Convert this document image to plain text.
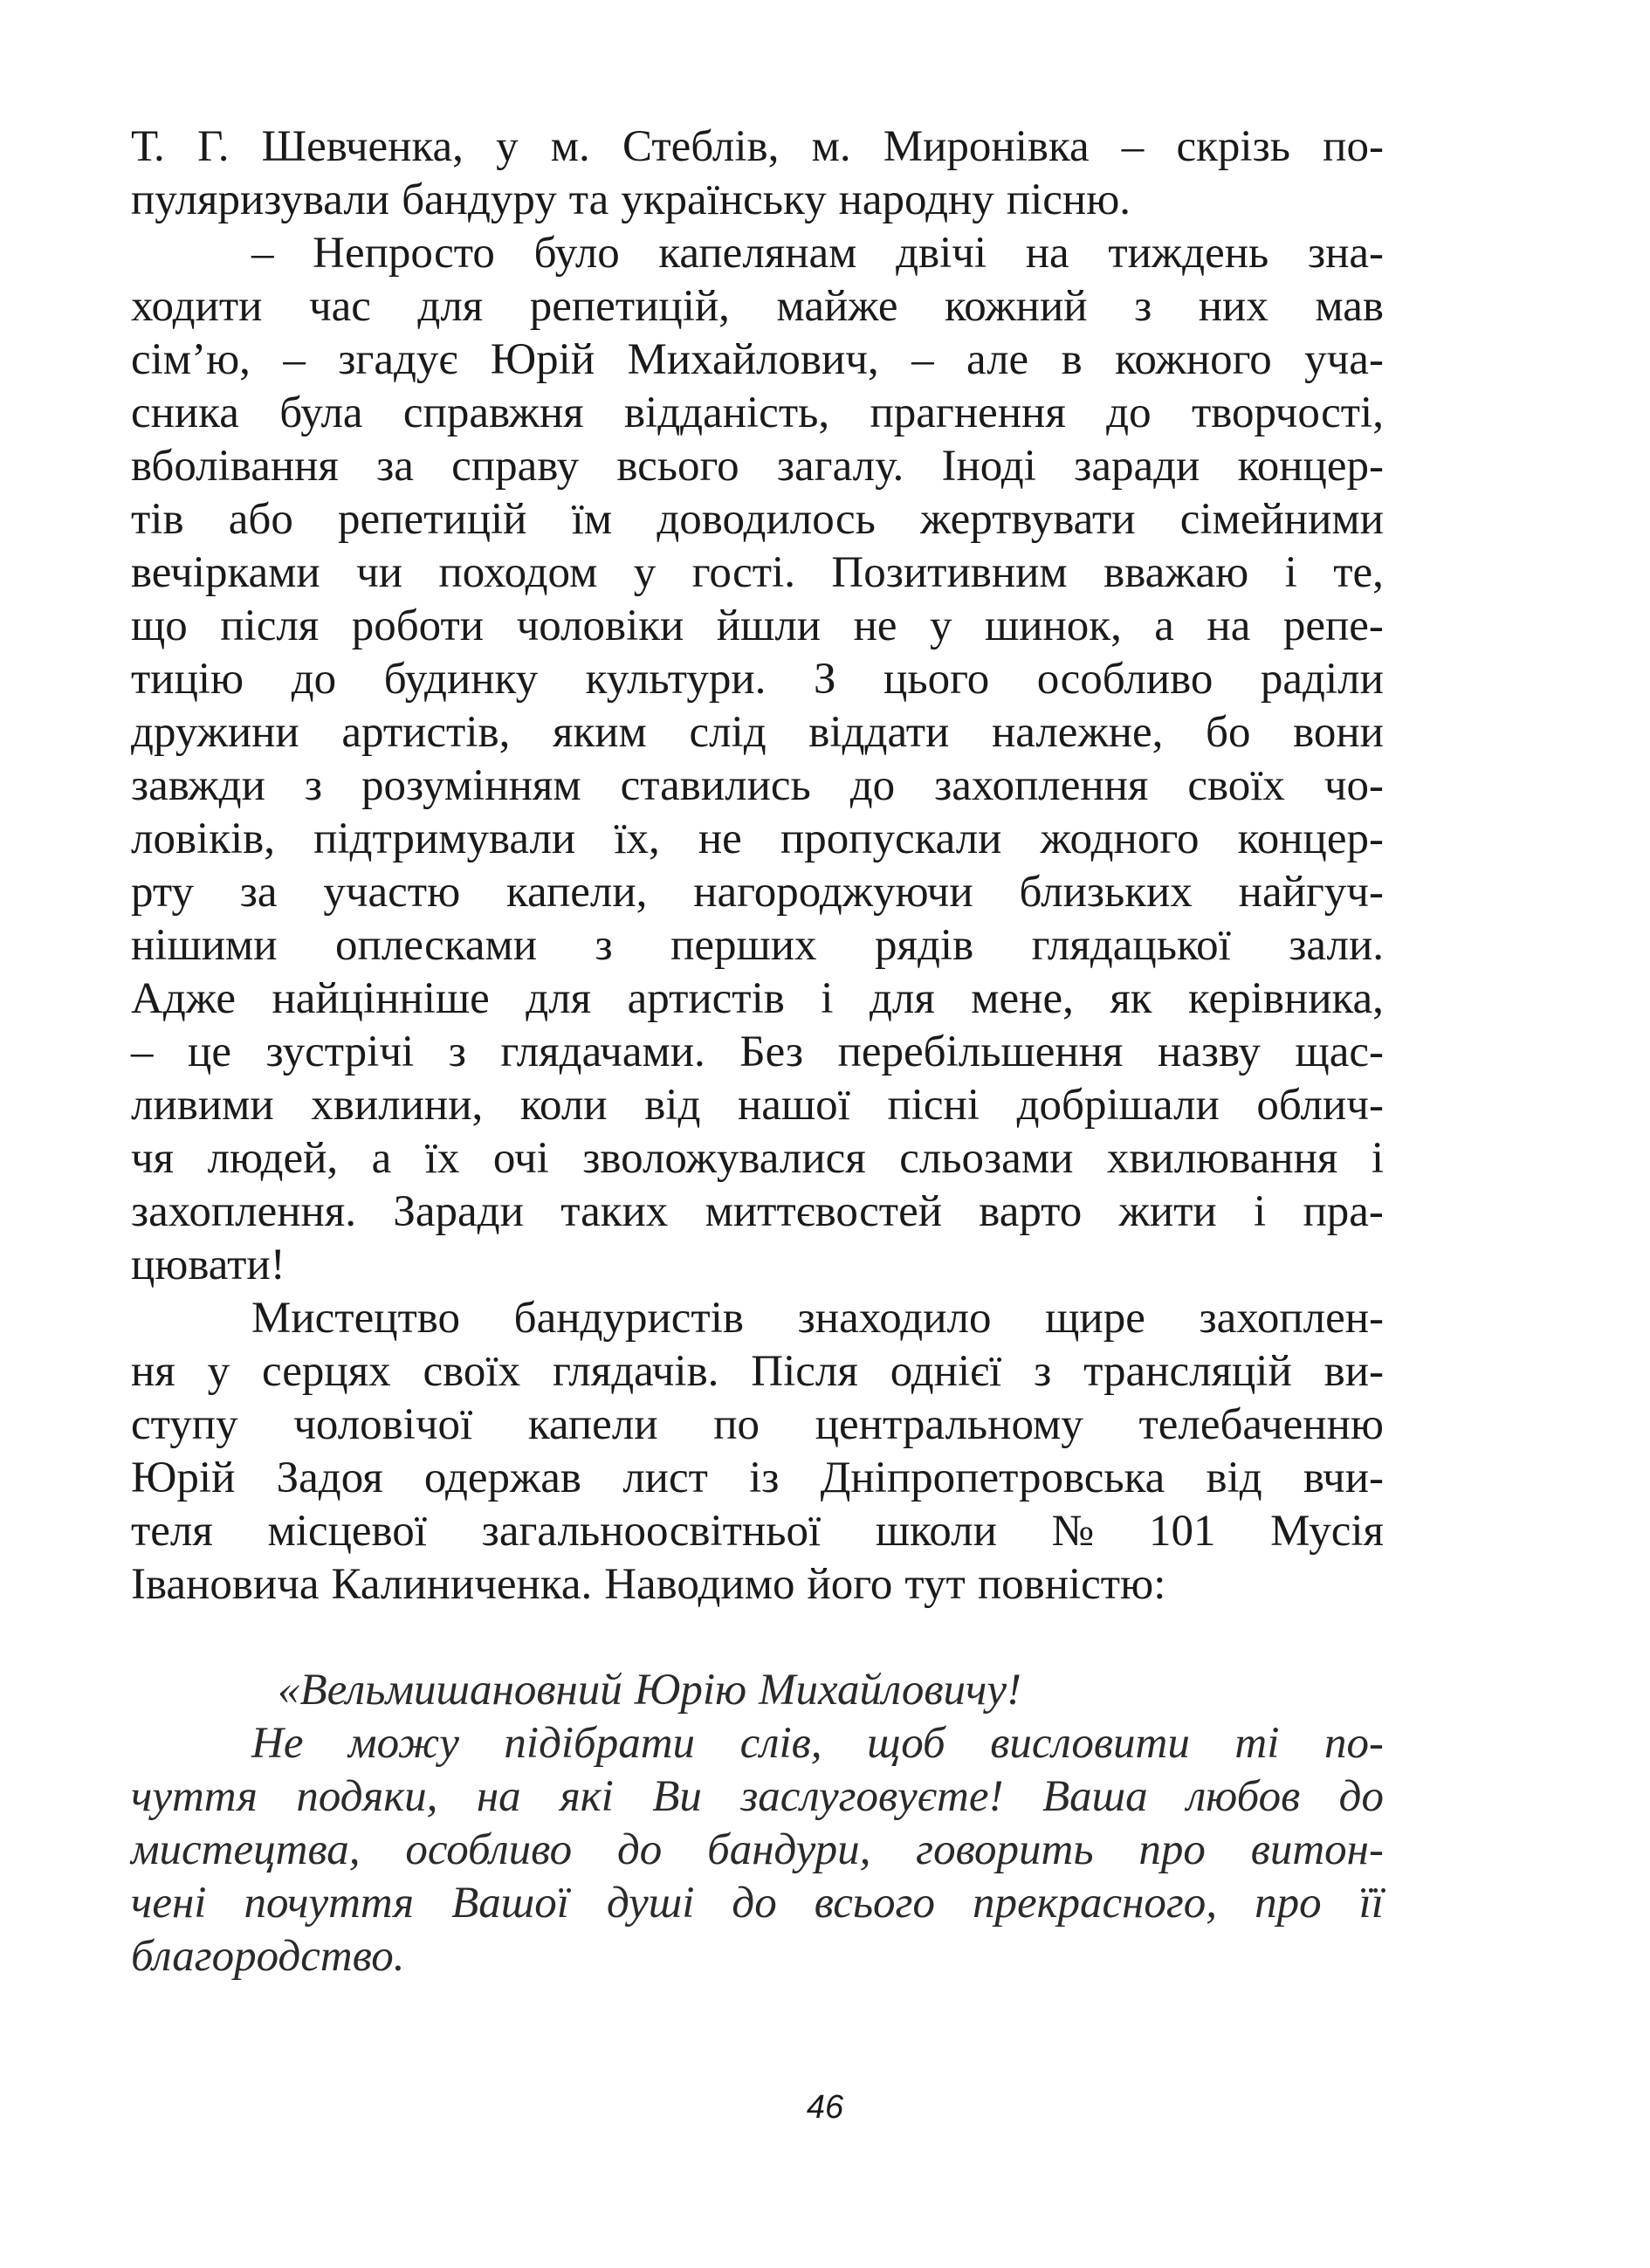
Т. Г. Шевченка, у м. Стеблів, м. Миронівка – скрізь по-
пуляризували бандуру та українську народну пісню.
– Непросто було капелянам двічі на тиждень зна-
ходити час для репетицій, майже кожний з них мав
сім’ю, – згадує Юрій Михайлович, – але в кожного уча-
сника була справжня відданість, прагнення до творчості,
вболівання за справу всього загалу. Іноді заради концер-
тів або репетицій їм доводилось жертвувати сімейними
вечірками чи походом у гості. Позитивним вважаю і те,
що після роботи чоловіки йшли не у шинок, а на репе-
тицію до будинку культури. З цього особливо раділи
дружини артистів, яким слід віддати належне, бо вони
завжди з розумінням ставились до захоплення своїх чо-
ловіків, підтримували їх, не пропускали жодного концер-
рту за участю капели, нагороджуючи близьких найгуч-
нішими оплесками з перших рядів глядацької зали.
Адже найцінніше для артистів і для мене, як керівника,
– це зустрічі з глядачами. Без перебільшення назву щас-
ливими хвилини, коли від нашої пісні добрішали облич-
чя людей, а їх очі зволожувалися сльозами хвилювання і
захоплення. Заради таких миттєвостей варто жити і пра-
цювати!
Мистецтво бандуристів знаходило щире захоплен-
ня у серцях своїх глядачів. Після однієї з трансляцій ви-
ступу чоловічої капели по центральному телебаченню
Юрій Задоя одержав лист із Дніпропетровська від вчи-
теля місцевої загальноосвітньої школи № 101 Мусія
Івановича Калиниченка. Наводимо його тут повністю:
«Вельмишановний Юрію Михайловичу!
Не можу підібрати слів, щоб висловити ті по-
чуття подяки, на які Ви заслуговуєте! Ваша любов до
мистецтва, особливо до бандури, говорить про витон-
чені почуття Вашої душі до всього прекрасного, про її
благородство.
46
